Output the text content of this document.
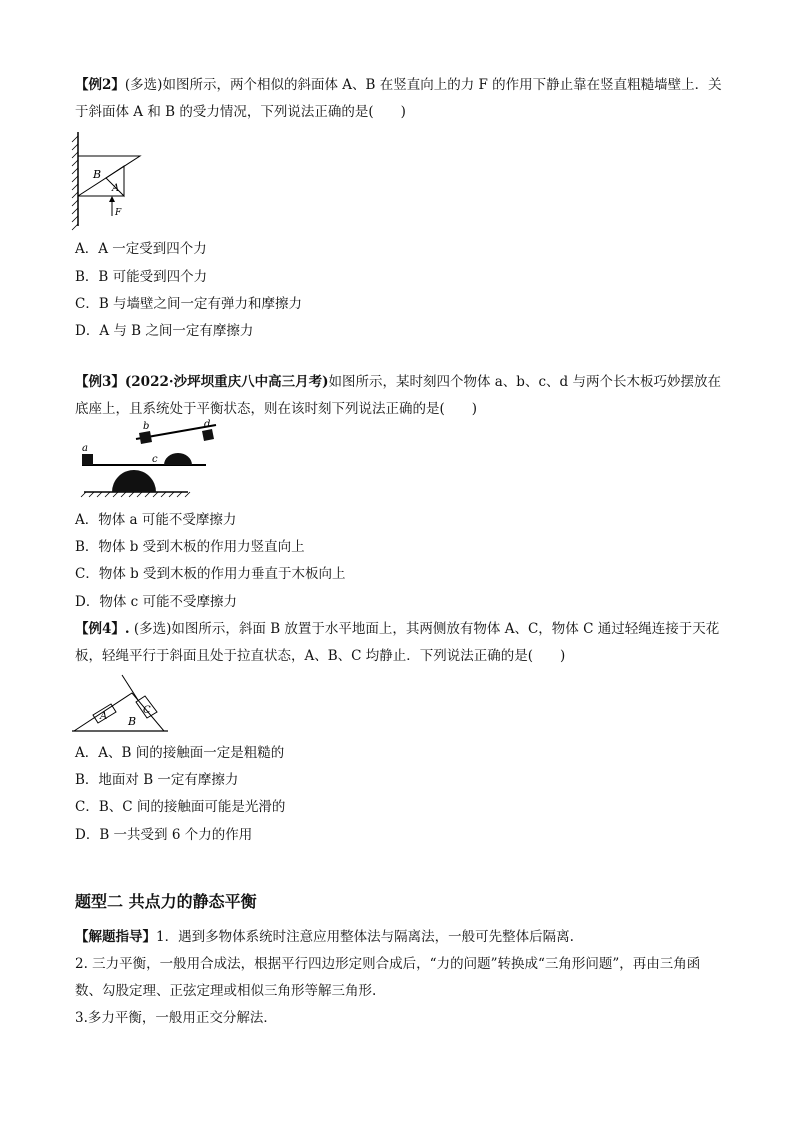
【例2】(多选)如图所示，两个相似的斜面体 A、B 在竖直向上的力 F 的作用下静止靠在竖直粗糙墙壁上．关
于斜面体 A 和 B 的受力情况，下列说法正确的是(　　)
B
A
F
A．A 一定受到四个力
B．B 可能受到四个力
C．B 与墙壁之间一定有弹力和摩擦力
D．A 与 B 之间一定有摩擦力
【例3】(2022·沙坪坝重庆八中高三月考)如图所示，某时刻四个物体 a、b、c、d 与两个长木板巧妙摆放在
底座上，且系统处于平衡状态，则在该时刻下列说法正确的是(　　)
a
b
c
d
A．物体 a 可能不受摩擦力
B．物体 b 受到木板的作用力竖直向上
C．物体 b 受到木板的作用力垂直于木板向上
D．物体 c 可能不受摩擦力
【例4】. (多选)如图所示，斜面 B 放置于水平地面上，其两侧放有物体 A、C，物体 C 通过轻绳连接于天花
板，轻绳平行于斜面且处于拉直状态，A、B、C 均静止．下列说法正确的是(　　)
A B
C
A．A、B 间的接触面一定是粗糙的
B．地面对 B 一定有摩擦力
C．B、C 间的接触面可能是光滑的
D．B 一共受到 6 个力的作用
题型二 共点力的静态平衡
【解题指导】1．遇到多物体系统时注意应用整体法与隔离法，一般可先整体后隔离.
2. 三力平衡，一般用合成法，根据平行四边形定则合成后，“力的问题”转换成“三角形问题”，再由三角函
数、勾股定理、正弦定理或相似三角形等解三角形.
3.多力平衡，一般用正交分解法．
